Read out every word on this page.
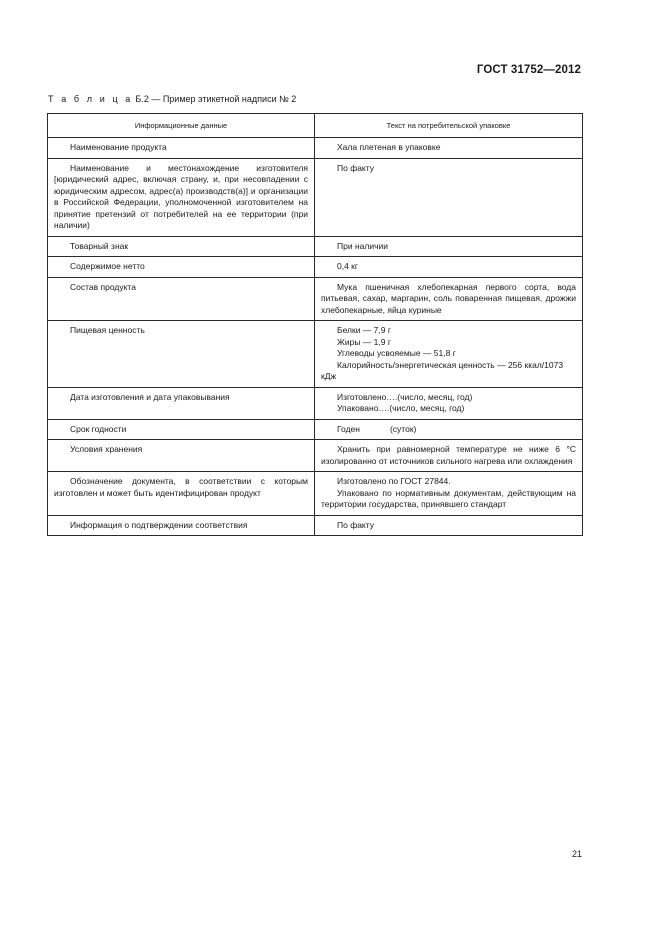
ГОСТ 31752—2012
Т а б л и ц а Б.2 — Пример этикетной надписи № 2
Информационные данные	Текст на потребительской упаковке
Наименование продукта	Хала плетеная в упаковке
Наименование и местонахождение изготовителя [юридический адрес, включая страну, и, при несовпадении с юридическим адресом, адрес(а) производств(а)] и организации в Российской Федерации, уполномоченной изготовителем на принятие претензий от потребителей на ее территории (при наличии)	По факту
Товарный знак	При наличии
Содержимое нетто	0,4 кг
Состав продукта	Мука пшеничная хлебопекарная первого сорта, вода питьевая, сахар, маргарин, соль поваренная пищевая, дрожжи хлебопекарные, яйца куриные
Пищевая ценность	Белки — 7,9 г
Жиры — 1,9 г
Углеводы усвояемые — 51,8 г
Калорийность/энергетическая ценность — 256 ккал/1073 кДж

Дата изготовления и дата упаковывания	Изготовлено….(число, месяц, год)
Упаковано….(число, месяц, год)

Срок годности	Годен (суток)
Условия хранения	Хранить при равномерной температуре не ниже 6 °С изолированно от источников сильного нагрева или охлаждения
Обозначение документа, в соответствии с которым изготовлен и может быть идентифицирован продукт	Изготовлено по ГОСТ 27844.
Упаковано по нормативным документам, действующим на территории государства, принявшего стандарт

Информация о подтверждении соответствия	По факту
21
